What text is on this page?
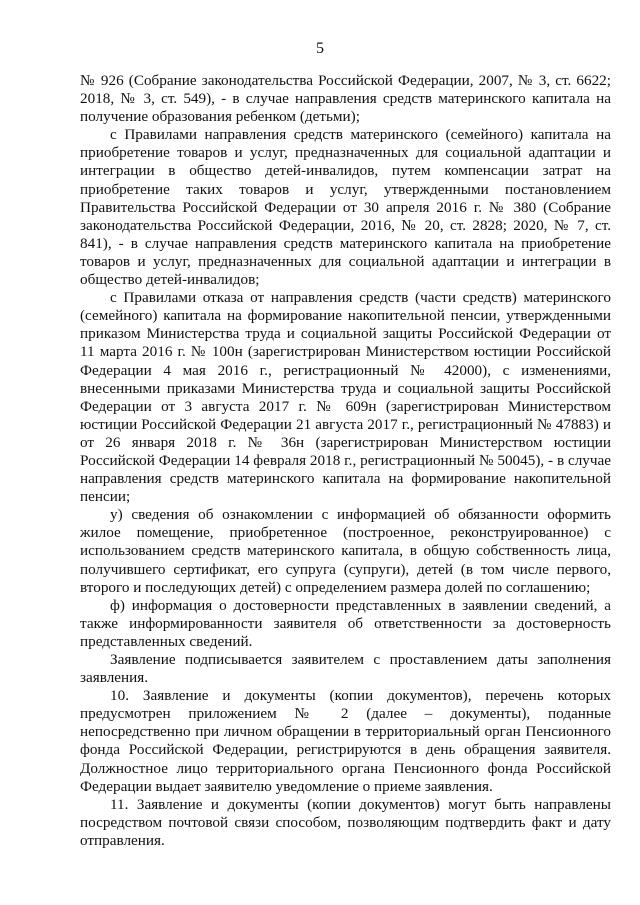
5

№ 926 (Собрание законодательства Российской Федерации, 2007, № 3, ст. 6622; 2018, № 3, ст. 549), - в случае направления средств материнского капитала на получение образования ребенком (детьми);

с Правилами направления средств материнского (семейного) капитала на приобретение товаров и услуг, предназначенных для социальной адаптации и интеграции в общество детей-инвалидов, путем компенсации затрат на приобретение таких товаров и услуг, утвержденными постановлением Правительства Российской Федерации от 30 апреля 2016 г. № 380 (Собрание законодательства Российской Федерации, 2016, № 20, ст. 2828; 2020, № 7, ст. 841), - в случае направления средств материнского капитала на приобретение товаров и услуг, предназначенных для социальной адаптации и интеграции в общество детей-инвалидов;

с Правилами отказа от направления средств (части средств) материнского (семейного) капитала на формирование накопительной пенсии, утвержденными приказом Министерства труда и социальной защиты Российской Федерации от 11 марта 2016 г. № 100н (зарегистрирован Министерством юстиции Российской Федерации 4 мая 2016 г., регистрационный № 42000), с изменениями, внесенными приказами Министерства труда и социальной защиты Российской Федерации от 3 августа 2017 г. № 609н (зарегистрирован Министерством юстиции Российской Федерации 21 августа 2017 г., регистрационный № 47883) и от 26 января 2018 г. № 36н (зарегистрирован Министерством юстиции Российской Федерации 14 февраля 2018 г., регистрационный № 50045), - в случае направления средств материнского капитала на формирование накопительной пенсии;

у) сведения об ознакомлении с информацией об обязанности оформить жилое помещение, приобретенное (построенное, реконструированное) с использованием средств материнского капитала, в общую собственность лица, получившего сертификат, его супруга (супруги), детей (в том числе первого, второго и последующих детей) с определением размера долей по соглашению;

ф) информация о достоверности представленных в заявлении сведений, а также информированности заявителя об ответственности за достоверность представленных сведений.

Заявление подписывается заявителем с проставлением даты заполнения заявления.

10. Заявление и документы (копии документов), перечень которых предусмотрен приложением № 2 (далее – документы), поданные непосредственно при личном обращении в территориальный орган Пенсионного фонда Российской Федерации, регистрируются в день обращения заявителя. Должностное лицо территориального органа Пенсионного фонда Российской Федерации выдает заявителю уведомление о приеме заявления.

11. Заявление и документы (копии документов) могут быть направлены посредством почтовой связи способом, позволяющим подтвердить факт и дату отправления.
